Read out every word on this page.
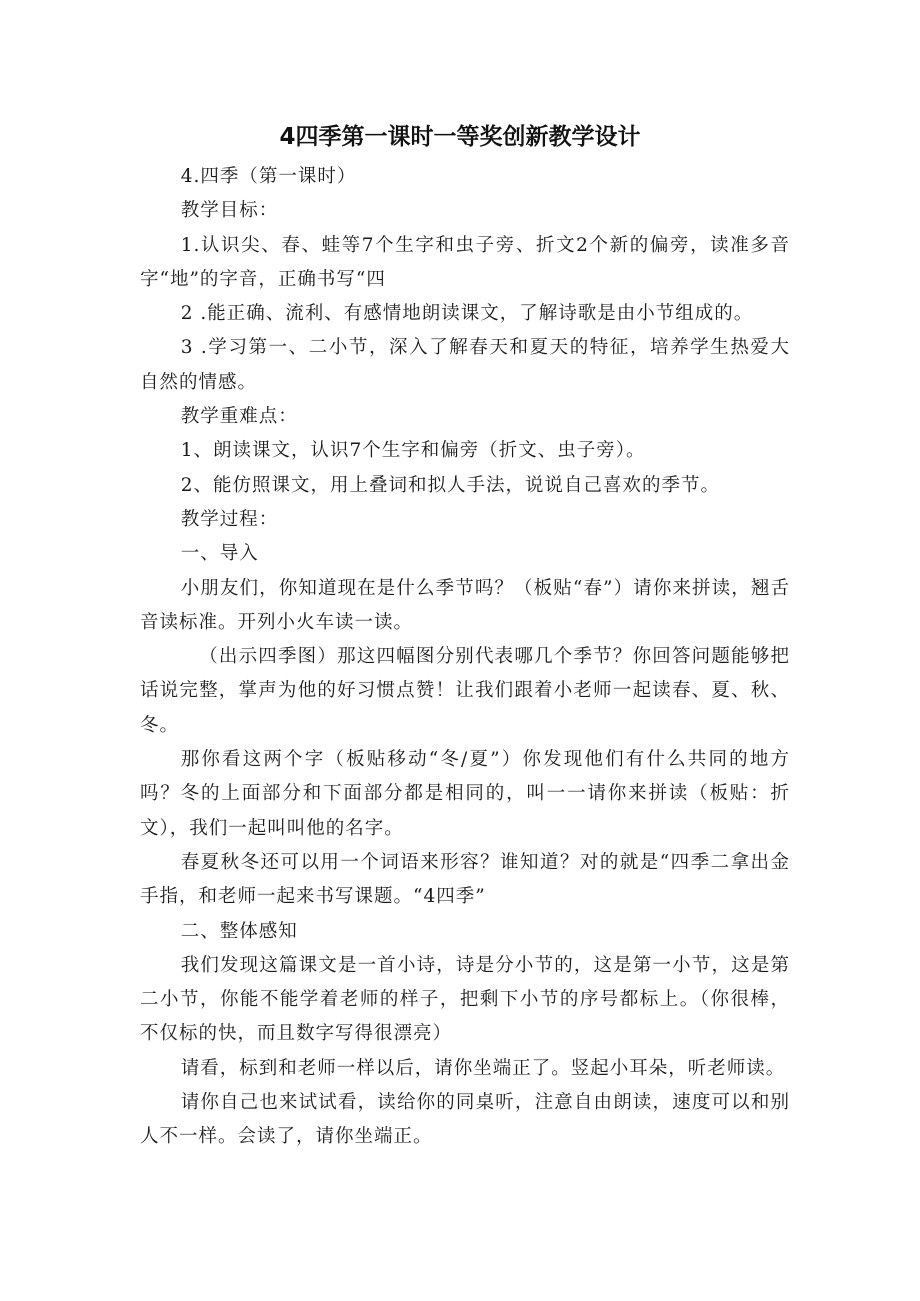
4四季第一课时一等奖创新教学设计

4.四季（第一课时）

教学目标：

1.认识尖、春、蛙等7个生字和虫子旁、折文2个新的偏旁，读准多音字“地”的字音，正确书写“四

2 .能正确、流利、有感情地朗读课文，了解诗歌是由小节组成的。

3 .学习第一、二小节，深入了解春天和夏天的特征，培养学生热爱大自然的情感。

教学重难点：

1、朗读课文，认识7个生字和偏旁（折文、虫子旁）。

2、能仿照课文，用上叠词和拟人手法，说说自己喜欢的季节。

教学过程：

一、导入

小朋友们，你知道现在是什么季节吗？（板贴“春”）请你来拼读，翘舌音读标准。开列小火车读一读。

（出示四季图）那这四幅图分别代表哪几个季节？你回答问题能够把话说完整，掌声为他的好习惯点赞！让我们跟着小老师一起读春、夏、秋、冬。

那你看这两个字（板贴移动“冬/夏”）你发现他们有什么共同的地方吗？冬的上面部分和下面部分都是相同的，叫一一请你来拼读（板贴：折文），我们一起叫叫他的名字。

春夏秋冬还可以用一个词语来形容？谁知道？对的就是“四季二拿出金手指，和老师一起来书写课题。“4四季”

二、整体感知

我们发现这篇课文是一首小诗，诗是分小节的，这是第一小节，这是第二小节，你能不能学着老师的样子，把剩下小节的序号都标上。（你很棒，不仅标的快，而且数字写得很漂亮）

请看，标到和老师一样以后，请你坐端正了。竖起小耳朵，听老师读。

请你自己也来试试看，读给你的同桌听，注意自由朗读，速度可以和别人不一样。会读了，请你坐端正。
